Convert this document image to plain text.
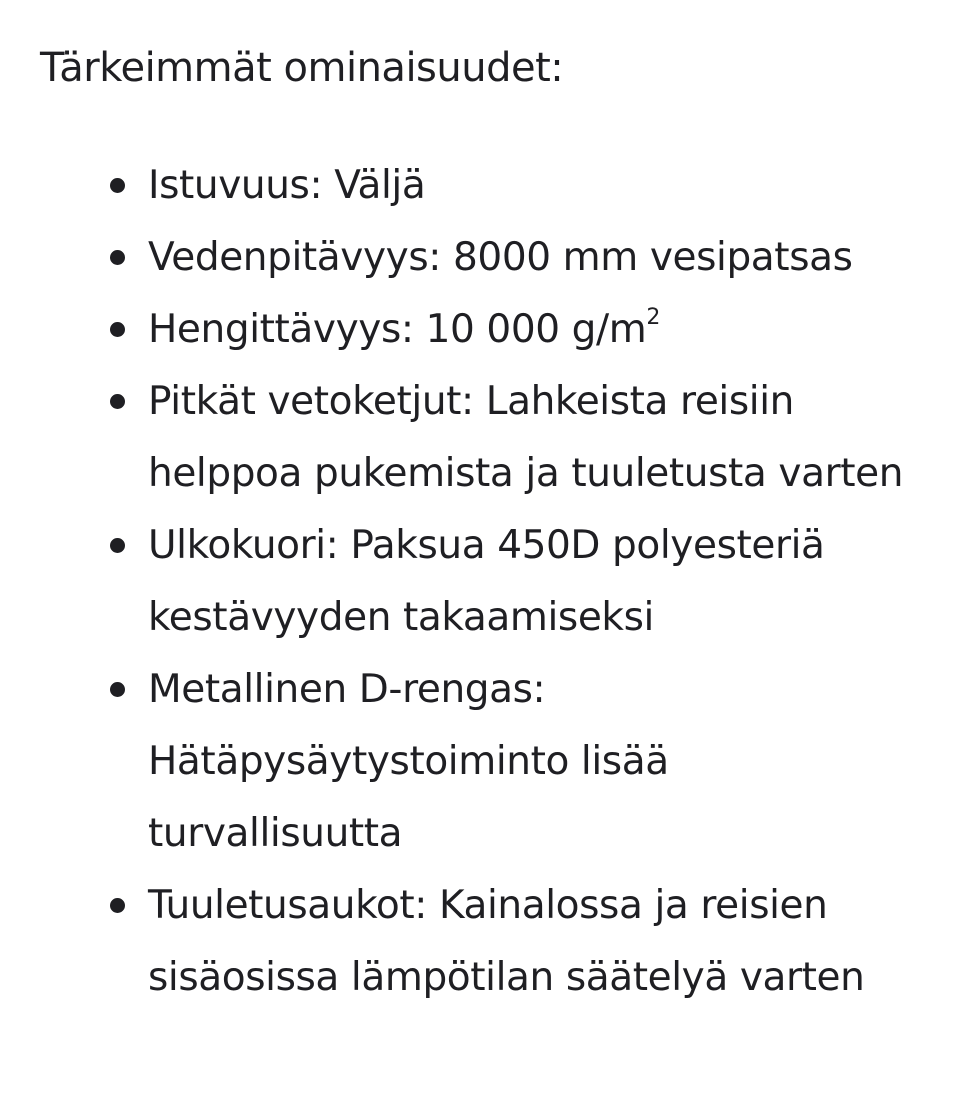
Tärkeimmät ominaisuudet:

Istuvuus: Väljä
Vedenpitävyys: 8000 mm vesipatsas
Hengittävyys: 10 000 $g/m^2$
Pitkät vetoketjut: Lahkeista reisiin helppoa pukemista ja tuuletusta varten
Ulkokuori: Paksua 450D polyesteriä kestävyyden takaamiseksi
Metallinen D-rengas: Hätäpysäytystoiminto lisää turvallisuutta
Tuuletusaukot: Kainalossa ja reisien sisäosissa lämpötilan säätelyä varten
